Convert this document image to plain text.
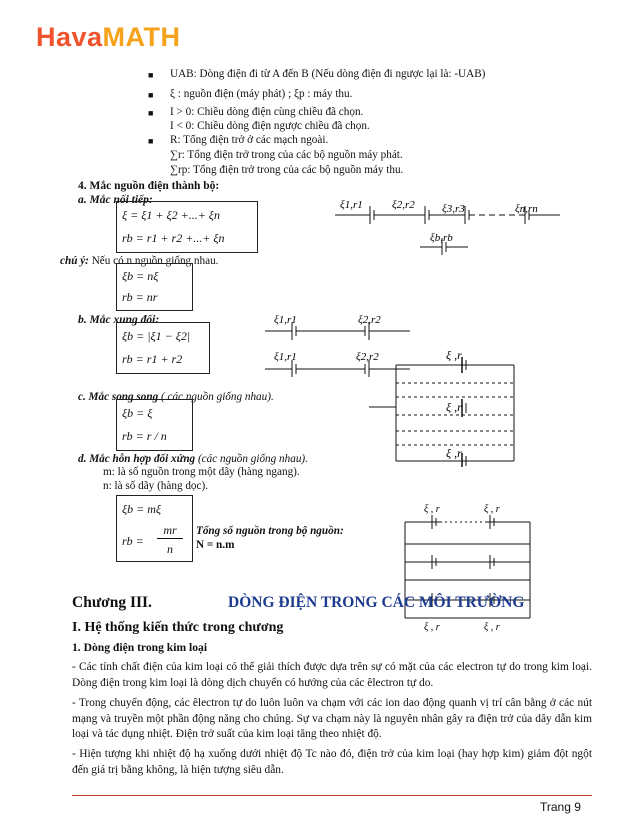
HavaMATH
■ UAB: Dòng điện đi từ A đến B (Nếu dòng điện đi ngược lại là: -UAB)
■ ξ : nguồn điện (máy phát) ; ξp : máy thu.
■ I > 0: Chiều dòng điện cùng chiều đã chọn.
I < 0: Chiều dòng điện ngược chiều đã chọn.
■ R: Tổng điện trở ở các mạch ngoài.
∑r: Tổng điện trở trong của các bộ nguồn máy phát.
∑rp: Tổng điện trở trong của các bộ nguồn máy thu.
4. Mắc nguồn điện thành bộ:
a. Mắc nối tiếp:
ξ = ξ1 + ξ2 +...+ ξn
rb = r1 + r2 +...+ ξn
chú ý: Nếu có n nguồn giống nhau.
ξb = nξ
rb = nr
ξ1,r1	ξ2,r2 ξ3,r3	ξn,rn
ξb,rb
b. Mắc xung đối:
ξb = |ξ1 − ξ2|
rb = r1 + r2
ξ1,r1	ξ2,r2
ξ1,r1	ξ2,r2
c. Mắc song song ( các nguồn giống nhau).
ξb = ξ
rb = r / n
ξ ,r
ξ ,r
ξ ,r
d. Mắc hỗn hợp đối xứng (các nguồn giống nhau).
m: là số nguồn trong một dãy (hàng ngang).
n: là số dãy (hàng dọc).
ξb = mξ
rb =
mr
n
Tổng số nguồn trong bộ nguồn:
N = n.m
ξ , r	ξ , r
ξ , r	ξ , r
Chương III.	DÒNG ĐIỆN TRONG CÁC MÔI TRƯỜNG
I. Hệ thống kiến thức trong chương
1. Dòng điện trong kim loại
- Các tính chất điện của kim loại có thể giải thích được dựa trên sự có mặt của các electron tự do trong kim loại. Dòng điện trong kim loại là dòng dịch chuyển có hướng của các êlectron tự do.
- Trong chuyển động, các êlectron tự do luôn luôn va chạm với các ion dao động quanh vị trí cân bằng ở các nút mạng và truyền một phần động năng cho chúng. Sự va chạm này là nguyên nhân gây ra điện trở của dây dẫn kim loại và tác dụng nhiệt. Điện trở suất của kim loại tăng theo nhiệt độ.
- Hiện tượng khi nhiệt độ hạ xuống dưới nhiệt độ Tc nào đó, điện trở của kim loại (hay hợp kim) giảm đột ngột đến giá trị bằng không, là hiện tượng siêu dẫn.
Trang 9
